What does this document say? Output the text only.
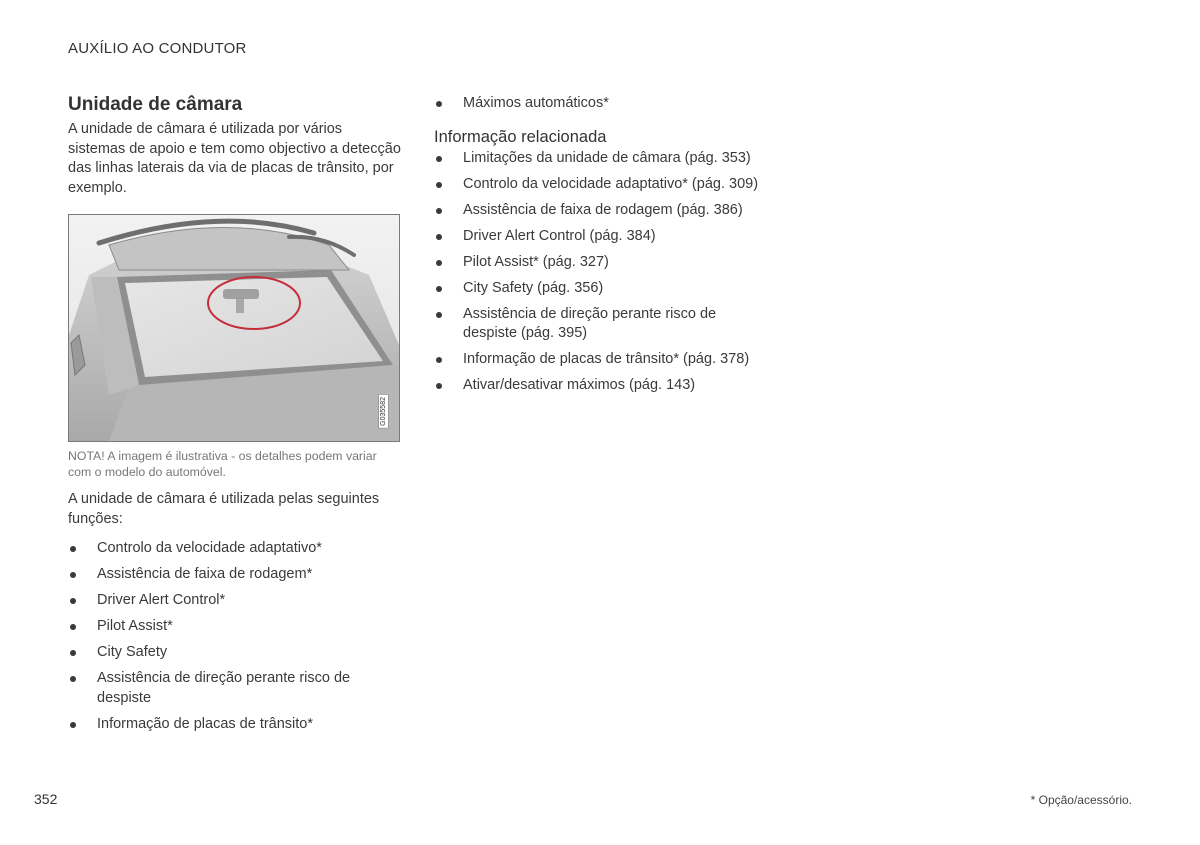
AUXÍLIO AO CONDUTOR
Unidade de câmara

A unidade de câmara é utilizada por vários sistemas de apoio e tem como objectivo a detecção das linhas laterais da via de placas de trânsito, por exemplo.

G035582
NOTA! A imagem é ilustrativa - os detalhes podem variar com o modelo do automóvel.

A unidade de câmara é utilizada pelas seguintes funções:

Controlo da velocidade adaptativo*
Assistência de faixa de rodagem*
Driver Alert Control*
Pilot Assist*
City Safety
Assistência de direção perante risco de despiste
Informação de placas de trânsito*
Máximos automáticos*
Informação relacionada
Limitações da unidade de câmara (pág. 353)
Controlo da velocidade adaptativo* (pág. 309)
Assistência de faixa de rodagem (pág. 386)
Driver Alert Control (pág. 384)
Pilot Assist* (pág. 327)
City Safety (pág. 356)
Assistência de direção perante risco de despiste (pág. 395)
Informação de placas de trânsito* (pág. 378)
Ativar/desativar máximos (pág. 143)
352	* Opção/acessório.
